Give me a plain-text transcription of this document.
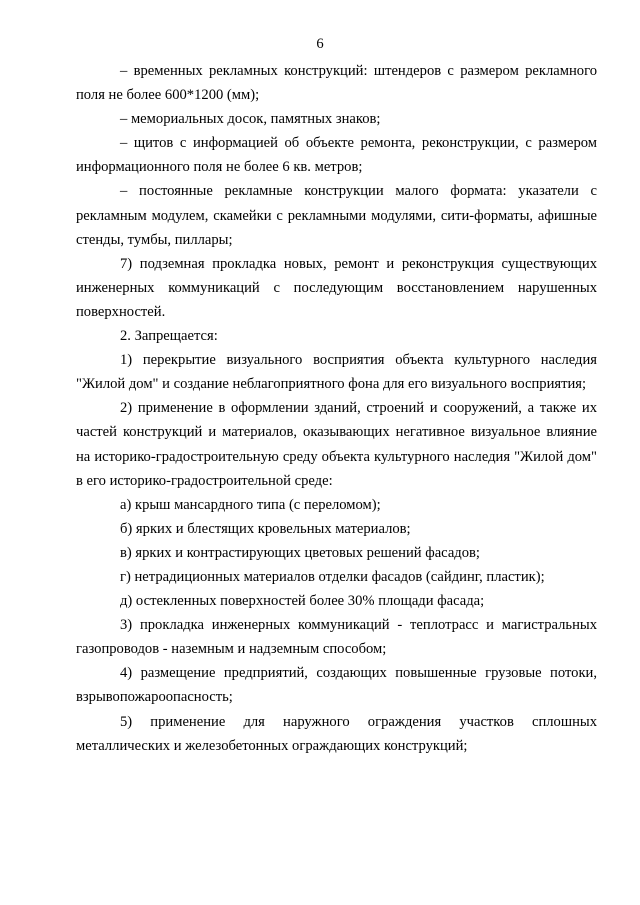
6

– временных рекламных конструкций: штендеров с размером рекламного поля не более 600*1200 (мм);

– мемориальных досок, памятных знаков;

– щитов с информацией об объекте ремонта, реконструкции, с размером информационного поля не более 6 кв. метров;

– постоянные рекламные конструкции малого формата: указатели с рекламным модулем, скамейки с рекламными модулями, сити-форматы, афишные стенды, тумбы, пиллары;

7) подземная прокладка новых, ремонт и реконструкция существующих инженерных коммуникаций с последующим восстановлением нарушенных поверхностей.

2. Запрещается:

1) перекрытие визуального восприятия объекта культурного наследия "Жилой дом" и создание неблагоприятного фона для его визуального восприятия;

2) применение в оформлении зданий, строений и сооружений, а также их частей конструкций и материалов, оказывающих негативное визуальное влияние на историко-градостроительную среду объекта культурного наследия "Жилой дом" в его историко-градостроительной среде:

а) крыш мансардного типа (с переломом);

б) ярких и блестящих кровельных материалов;

в) ярких и контрастирующих цветовых решений фасадов;

г) нетрадиционных материалов отделки фасадов (сайдинг, пластик);

д) остекленных поверхностей более 30% площади фасада;

3) прокладка инженерных коммуникаций - теплотрасс и магистральных газопроводов - наземным и надземным способом;

4) размещение предприятий, создающих повышенные грузовые потоки, взрывопожароопасность;

5) применение для наружного ограждения участков сплошных металлических и железобетонных ограждающих конструкций;
